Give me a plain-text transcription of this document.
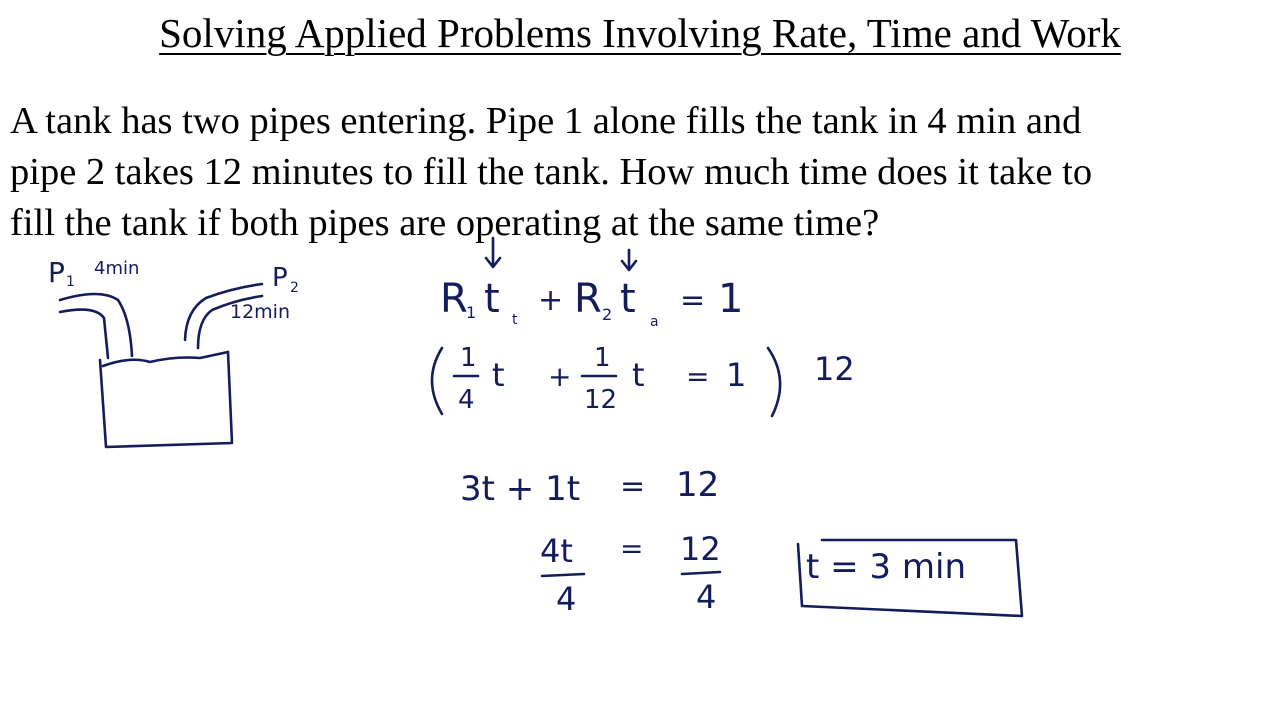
Solving Applied Problems Involving Rate, Time and Work
A tank has two pipes entering. Pipe 1 alone fills the tank in 4 min and
pipe 2 takes 12 minutes to fill the tank. How much time does it take to
fill the tank if both pipes are operating at the same time?
P 1
4min	P 2
12min	R
1 t t
+ R 2 t a
= 1
1
4
t +
1
12
t = 1 12
3t + 1t = 12
4t
4
= 12
4
t = 3 min
